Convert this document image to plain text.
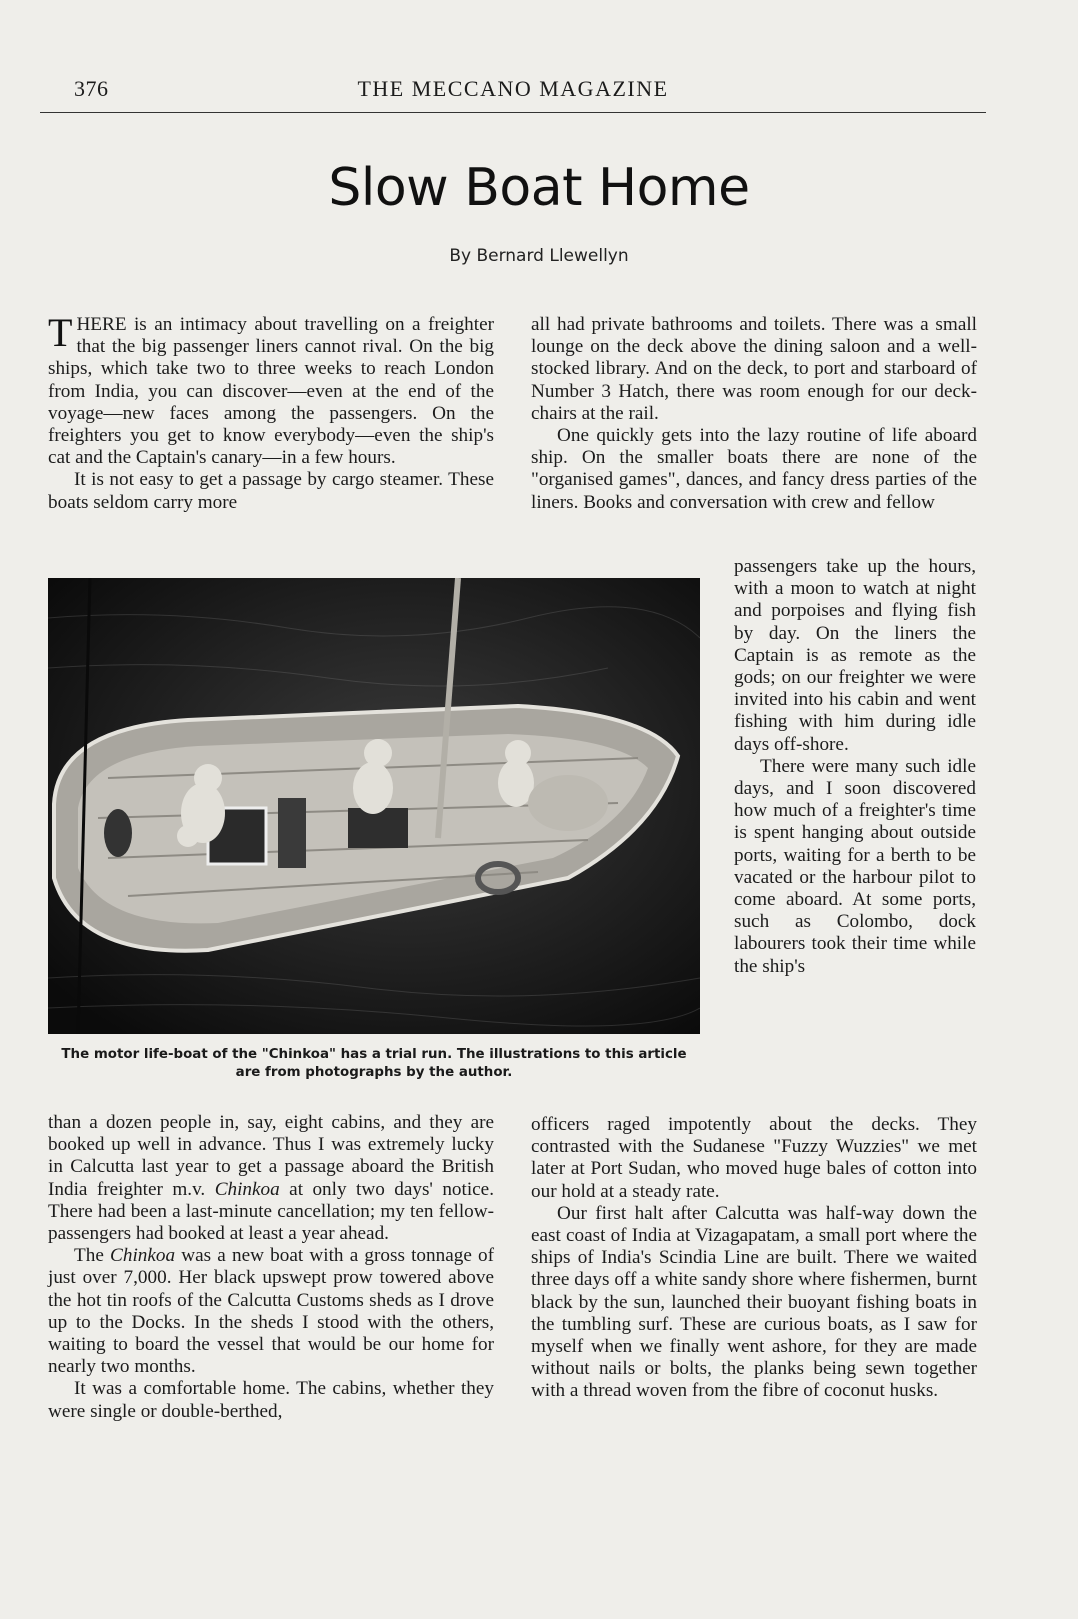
376	THE MECCANO MAGAZINE
Slow Boat Home
By Bernard Llewellyn

THERE is an intimacy about travelling on a freighter that the big passenger liners cannot rival. On the big ships, which take two to three weeks to reach London from India, you can discover—even at the end of the voyage—new faces among the passengers. On the freighters you get to know everybody—even the ship's cat and the Captain's canary—in a few hours.

It is not easy to get a passage by cargo steamer. These boats seldom carry more

all had private bathrooms and toilets. There was a small lounge on the deck above the dining saloon and a well-stocked library. And on the deck, to port and starboard of Number 3 Hatch, there was room enough for our deck-chairs at the rail.

One quickly gets into the lazy routine of life aboard ship. On the smaller boats there are none of the "organised games", dances, and fancy dress parties of the liners. Books and conversation with crew and fellow

passengers take up the hours, with a moon to watch at night and porpoises and flying fish by day. On the liners the Captain is as remote as the gods; on our freighter we were invited into his cabin and went fishing with him during idle days off-shore.

There were many such idle days, and I soon discovered how much of a freighter's time is spent hanging about outside ports, waiting for a berth to be vacated or the harbour pilot to come aboard. At some ports, such as Colombo, dock labourers took their time while the ship's

The motor life-boat of the "Chinkoa" has a trial run. The illustrations to this article are from photographs by the author.

than a dozen people in, say, eight cabins, and they are booked up well in advance. Thus I was extremely lucky in Calcutta last year to get a passage aboard the British India freighter m.v. Chinkoa at only two days' notice. There had been a last-minute cancellation; my ten fellow-passengers had booked at least a year ahead.

The Chinkoa was a new boat with a gross tonnage of just over 7,000. Her black upswept prow towered above the hot tin roofs of the Calcutta Customs sheds as I drove up to the Docks. In the sheds I stood with the others, waiting to board the vessel that would be our home for nearly two months.

It was a comfortable home. The cabins, whether they were single or double-berthed,

officers raged impotently about the decks. They contrasted with the Sudanese "Fuzzy Wuzzies" we met later at Port Sudan, who moved huge bales of cotton into our hold at a steady rate.

Our first halt after Calcutta was half-way down the east coast of India at Vizagapatam, a small port where the ships of India's Scindia Line are built. There we waited three days off a white sandy shore where fishermen, burnt black by the sun, launched their buoyant fishing boats in the tumbling surf. These are curious boats, as I saw for myself when we finally went ashore, for they are made without nails or bolts, the planks being sewn together with a thread woven from the fibre of coconut husks.
